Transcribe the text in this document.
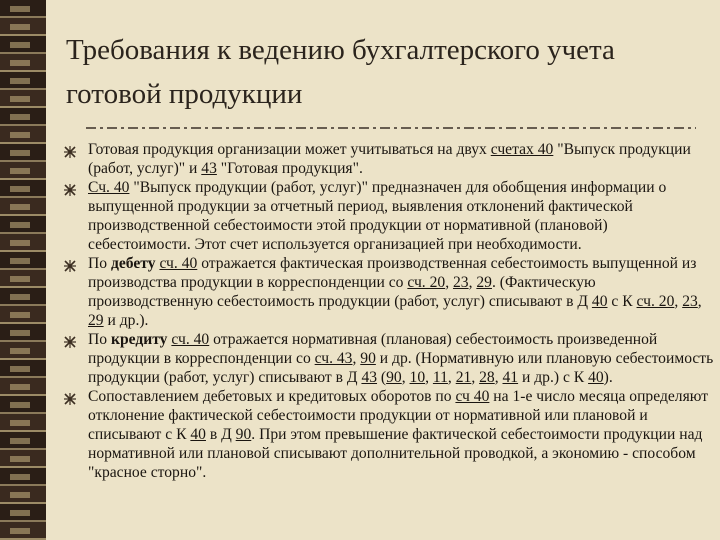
Требования к ведению бухгалтерского учета готовой продукции
Готовая продукция организации может учитываться на двух счетах 40 "Выпуск продукции (работ, услуг)" и 43 "Готовая продукция".
Сч. 40 "Выпуск продукции (работ, услуг)" предназначен для обобщения информации о выпущенной продукции за отчетный период, выявления отклонений фактической производственной себестоимости этой продукции от нормативной (плановой) себестоимости. Этот счет используется организацией при необходимости.
По дебету сч. 40 отражается фактическая производственная себестоимость выпущенной из производства продукции в корреспонденции со сч. 20, 23, 29. (Фактическую производственную себестоимость продукции (работ, услуг) списывают в Д 40 с К сч. 20, 23, 29 и др.).
По кредиту сч. 40 отражается нормативная (плановая) себестоимость произведенной продукции в корреспонденции со сч. 43, 90 и др. (Нормативную или плановую себестоимость продукции (работ, услуг) списывают в Д 43 (90, 10, 11, 21, 28, 41 и др.) с К 40).
Сопоставлением дебетовых и кредитовых оборотов по сч 40 на 1-е число месяца определяют отклонение фактической себестоимости продукции от нормативной или плановой и списывают с К 40 в Д 90. При этом превышение фактической себестоимости продукции над нормативной или плановой списывают дополнительной проводкой, а экономию - способом "красное сторно".
